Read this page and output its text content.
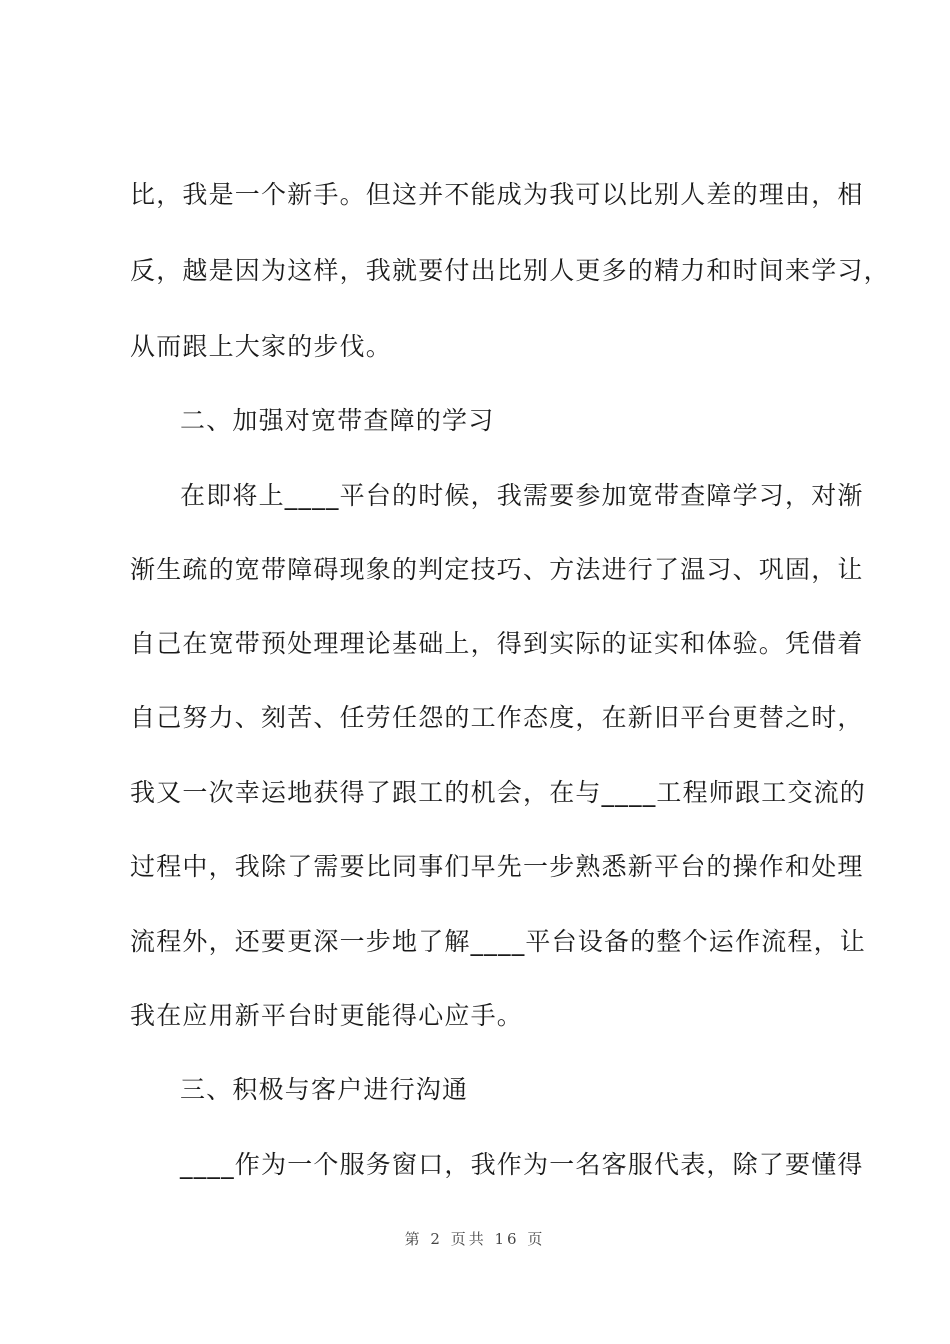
比，我是一个新手。但这并不能成为我可以比别人差的理由，相
反，越是因为这样，我就要付出比别人更多的精力和时间来学习，
从而跟上大家的步伐。
二、加强对宽带查障的学习
在即将上____平台的时候，我需要参加宽带查障学习，对渐
渐生疏的宽带障碍现象的判定技巧、方法进行了温习、巩固，让
自己在宽带预处理理论基础上，得到实际的证实和体验。凭借着
自己努力、刻苦、任劳任怨的工作态度，在新旧平台更替之时，
我又一次幸运地获得了跟工的机会，在与____工程师跟工交流的
过程中，我除了需要比同事们早先一步熟悉新平台的操作和处理
流程外，还要更深一步地了解____平台设备的整个运作流程，让
我在应用新平台时更能得心应手。
三、积极与客户进行沟通
____作为一个服务窗口，我作为一名客服代表，除了要懂得
第 2 页共 16 页
